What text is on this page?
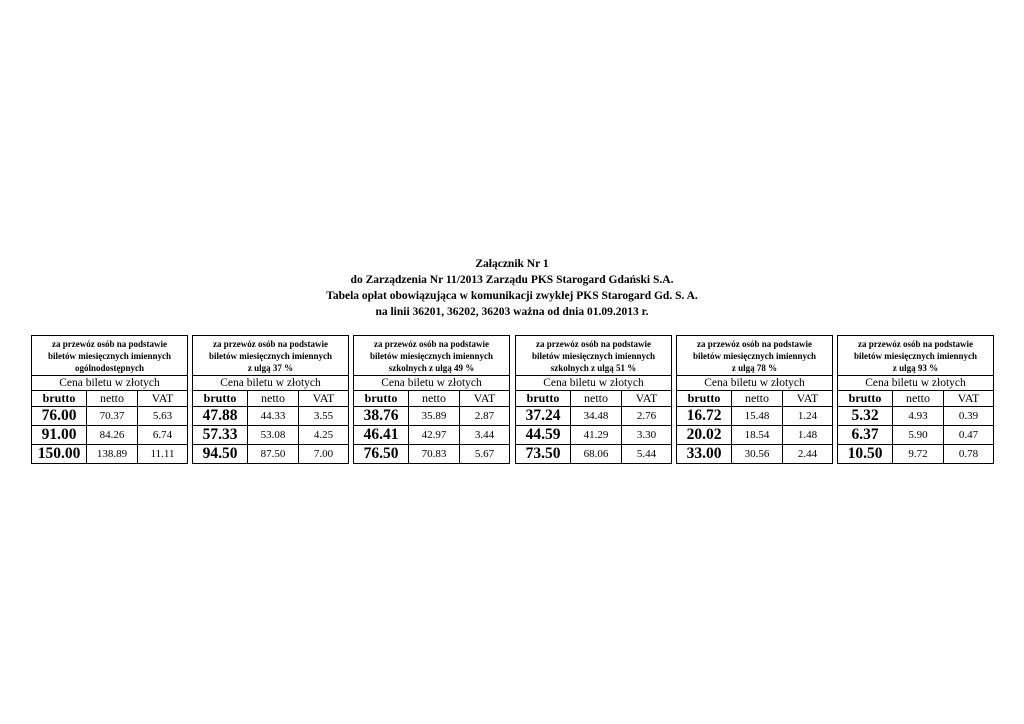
Załącznik Nr 1
do Zarządzenia Nr 11/2013 Zarządu PKS Starogard Gdański S.A.
Tabela opłat obowiązująca w komunikacji zwykłej PKS Starogard Gd. S. A.
na linii 36201, 36202, 36203 ważna od dnia 01.09.2013 r.
za przewóz osób na podstawie
biletów miesięcznych imiennych
ogólnodostępnych
Cena biletu w złotych
brutto	netto	VAT
76.00	70.37	5.63
91.00	84.26	6.74
150.00	138.89	11.11
za przewóz osób na podstawie
biletów miesięcznych imiennych
z ulgą 37 %
Cena biletu w złotych
brutto	netto	VAT
47.88	44.33	3.55
57.33	53.08	4.25
94.50	87.50	7.00
za przewóz osób na podstawie
biletów miesięcznych imiennych
szkolnych z ulgą 49 %
Cena biletu w złotych
brutto	netto	VAT
38.76	35.89	2.87
46.41	42.97	3.44
76.50	70.83	5.67
za przewóz osób na podstawie
biletów miesięcznych imiennych
szkolnych z ulgą 51 %
Cena biletu w złotych
brutto	netto	VAT
37.24	34.48	2.76
44.59	41.29	3.30
73.50	68.06	5.44
za przewóz osób na podstawie
biletów miesięcznych imiennych
z ulgą 78 %
Cena biletu w złotych
brutto	netto	VAT
16.72	15.48	1.24
20.02	18.54	1.48
33.00	30.56	2.44
za przewóz osób na podstawie
biletów miesięcznych imiennych
z ulgą 93 %
Cena biletu w złotych
brutto	netto	VAT
5.32	4.93	0.39
6.37	5.90	0.47
10.50	9.72	0.78
